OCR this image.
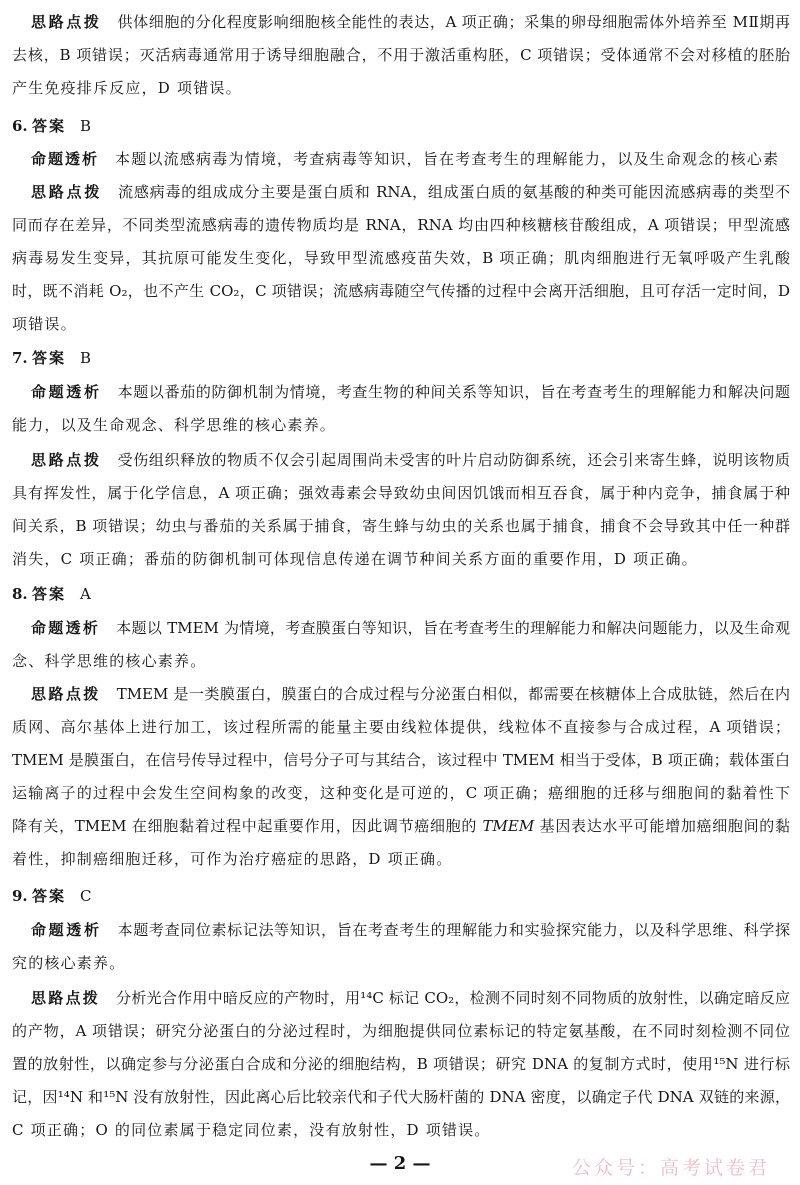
思路点拨 供体细胞的分化程度影响细胞核全能性的表达，A 项正确；采集的卵母细胞需体外培养至 MⅡ期再
去核，B 项错误；灭活病毒通常用于诱导细胞融合，不用于激活重构胚，C 项错误；受体通常不会对移植的胚胎
产生免疫排斥反应，D 项错误。
6. 答案 B
命题透析 本题以流感病毒为情境，考查病毒等知识，旨在考查考生的理解能力，以及生命观念的核心素
思路点拨 流感病毒的组成成分主要是蛋白质和 RNA，组成蛋白质的氨基酸的种类可能因流感病毒的类型不
同而存在差异，不同类型流感病毒的遗传物质均是 RNA，RNA 均由四种核糖核苷酸组成，A 项错误；甲型流感
病毒易发生变异，其抗原可能发生变化，导致甲型流感疫苗失效，B 项正确；肌肉细胞进行无氧呼吸产生乳酸
时，既不消耗 O₂，也不产生 CO₂，C 项错误；流感病毒随空气传播的过程中会离开活细胞，且可存活一定时间，D
项错误。
7. 答案 B
命题透析 本题以番茄的防御机制为情境，考查生物的种间关系等知识，旨在考查考生的理解能力和解决问题
能力，以及生命观念、科学思维的核心素养。
思路点拨 受伤组织释放的物质不仅会引起周围尚未受害的叶片启动防御系统，还会引来寄生蜂，说明该物质
具有挥发性，属于化学信息，A 项正确；强效毒素会导致幼虫间因饥饿而相互吞食，属于种内竞争，捕食属于种
间关系，B 项错误；幼虫与番茄的关系属于捕食，寄生蜂与幼虫的关系也属于捕食，捕食不会导致其中任一种群
消失，C 项正确；番茄的防御机制可体现信息传递在调节种间关系方面的重要作用，D 项正确。
8. 答案 A
命题透析 本题以 TMEM 为情境，考查膜蛋白等知识，旨在考查考生的理解能力和解决问题能力，以及生命观
念、科学思维的核心素养。
思路点拨 TMEM 是一类膜蛋白，膜蛋白的合成过程与分泌蛋白相似，都需要在核糖体上合成肽链，然后在内
质网、高尔基体上进行加工，该过程所需的能量主要由线粒体提供，线粒体不直接参与合成过程，A 项错误；
TMEM 是膜蛋白，在信号传导过程中，信号分子可与其结合，该过程中 TMEM 相当于受体，B 项正确；载体蛋白
运输离子的过程中会发生空间构象的改变，这种变化是可逆的，C 项正确；癌细胞的迁移与细胞间的黏着性下
降有关，TMEM 在细胞黏着过程中起重要作用，因此调节癌细胞的 TMEM 基因表达水平可能增加癌细胞间的黏
着性，抑制癌细胞迁移，可作为治疗癌症的思路，D 项正确。
9. 答案 C
命题透析 本题考查同位素标记法等知识，旨在考查考生的理解能力和实验探究能力，以及科学思维、科学探
究的核心素养。
思路点拨 分析光合作用中暗反应的产物时，用¹⁴C 标记 CO₂，检测不同时刻不同物质的放射性，以确定暗反应
的产物，A 项错误；研究分泌蛋白的分泌过程时，为细胞提供同位素标记的特定氨基酸，在不同时刻检测不同位
置的放射性，以确定参与分泌蛋白合成和分泌的细胞结构，B 项错误；研究 DNA 的复制方式时，使用¹⁵N 进行标
记，因¹⁴N 和¹⁵N 没有放射性，因此离心后比较亲代和子代大肠杆菌的 DNA 密度，以确定子代 DNA 双链的来源，
C 项正确；O 的同位素属于稳定同位素，没有放射性，D 项错误。
— 2 —	公众号：高考试卷君
